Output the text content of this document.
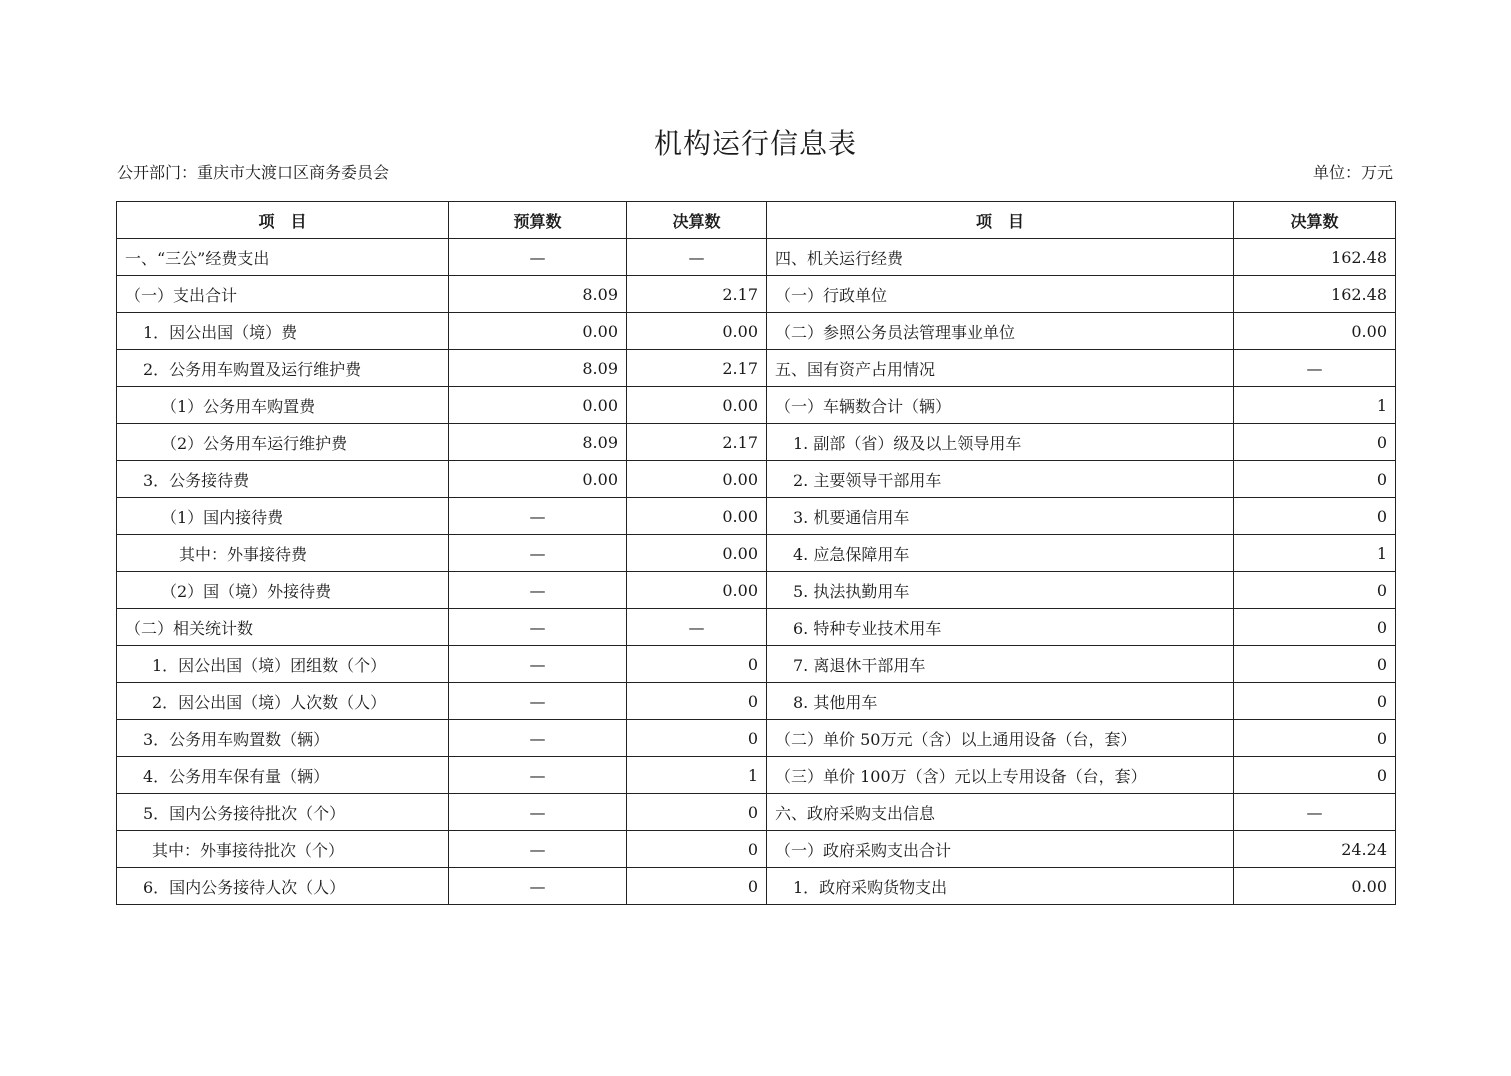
机构运行信息表
公开部门：重庆市大渡口区商务委员会	单位：万元
项　目	预算数	决算数	项　目	决算数
一、“三公”经费支出	—	—	四、机关运行经费	162.48
（一）支出合计	8.09	2.17	（一）行政单位	162.48
1．因公出国（境）费	0.00	0.00	（二）参照公务员法管理事业单位	0.00
2．公务用车购置及运行维护费	8.09	2.17	五、国有资产占用情况	—
（1）公务用车购置费	0.00	0.00	（一）车辆数合计（辆）	1
（2）公务用车运行维护费	8.09	2.17	1. 副部（省）级及以上领导用车	0
3．公务接待费	0.00	0.00	2. 主要领导干部用车	0
（1）国内接待费	—	0.00	3. 机要通信用车	0
其中：外事接待费	—	0.00	4. 应急保障用车	1
（2）国（境）外接待费	—	0.00	5. 执法执勤用车	0
（二）相关统计数	—	—	6. 特种专业技术用车	0
1．因公出国（境）团组数（个）	—	0	7. 离退休干部用车	0
2．因公出国（境）人次数（人）	—	0	8. 其他用车	0
3．公务用车购置数（辆）	—	0	（二）单价 50万元（含）以上通用设备（台，套）	0
4．公务用车保有量（辆）	—	1	（三）单价 100万（含）元以上专用设备（台，套）	0
5．国内公务接待批次（个）	—	0	六、政府采购支出信息	—
其中：外事接待批次（个）	—	0	（一）政府采购支出合计	24.24
6．国内公务接待人次（人）	—	0	1．政府采购货物支出	0.00
